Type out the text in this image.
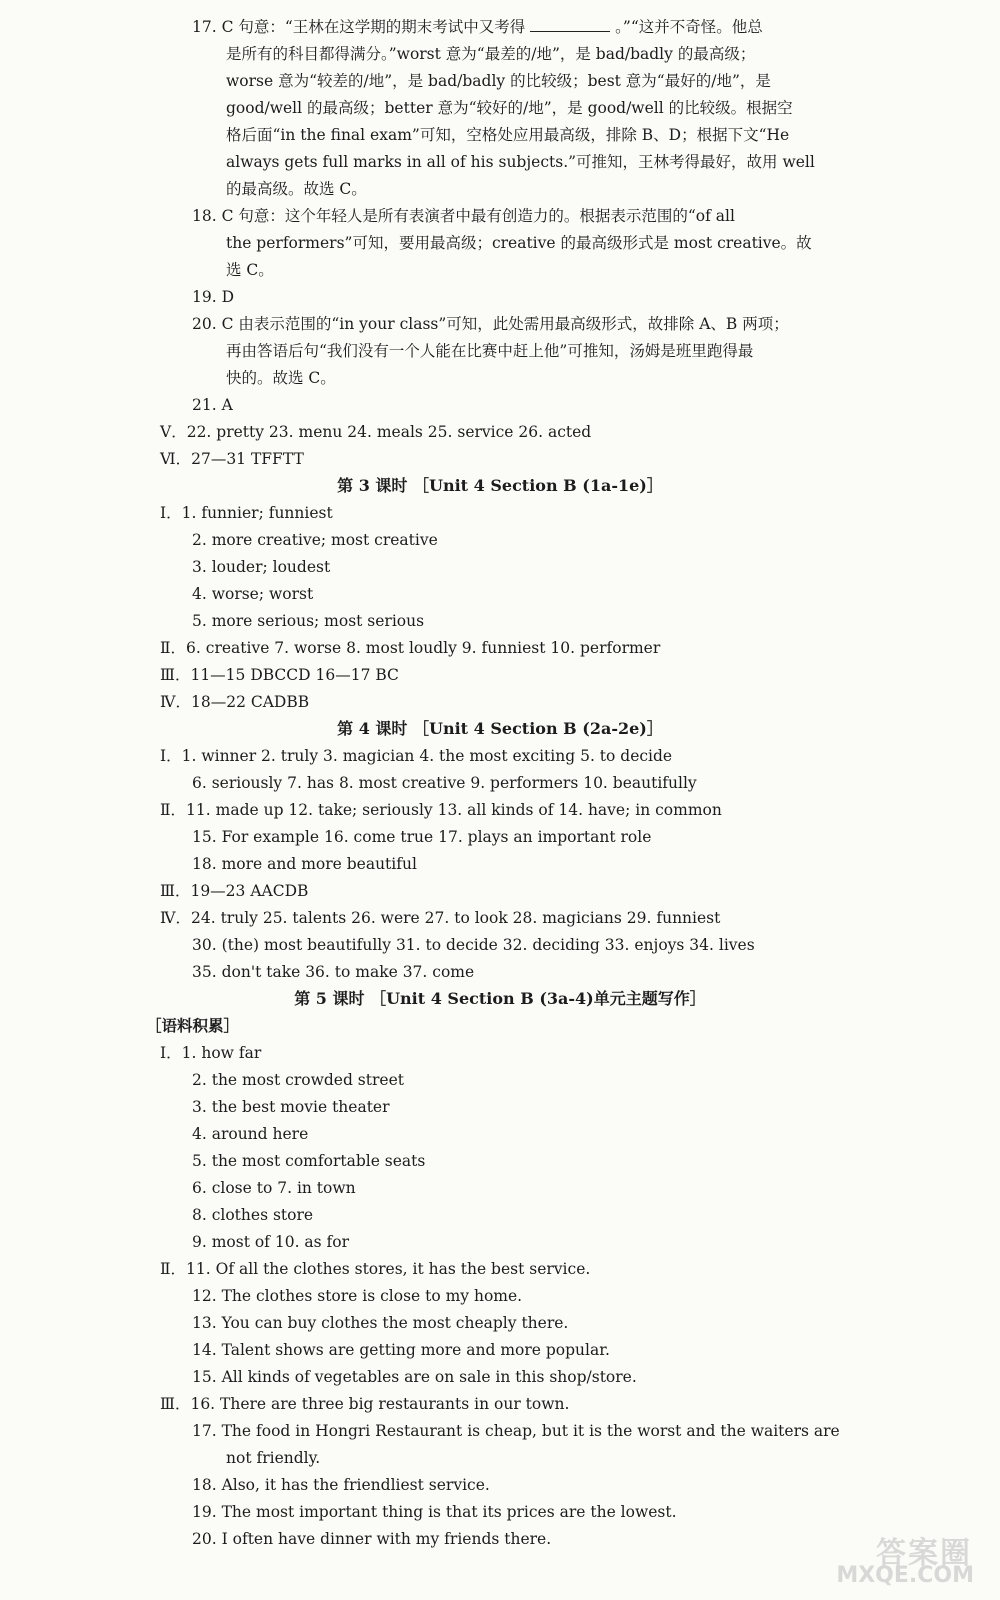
17. C 句意：“王林在这学期的期末考试中又考得	。”“这并不奇怪。他总
是所有的科目都得满分。”worst 意为“最差的/地”，是 bad/badly 的最高级；
worse 意为“较差的/地”，是 bad/badly 的比较级；best 意为“最好的/地”，是
good/well 的最高级；better 意为“较好的/地”，是 good/well 的比较级。根据空
格后面“in the final exam”可知，空格处应用最高级，排除 B、D；根据下文“He
always gets full marks in all of his subjects.”可推知，王林考得最好，故用 well
的最高级。故选 C。
18. C 句意：这个年轻人是所有表演者中最有创造力的。根据表示范围的“of all
the performers”可知，要用最高级；creative 的最高级形式是 most creative。故
选 C。
19. D
20. C 由表示范围的“in your class”可知，此处需用最高级形式，故排除 A、B 两项；
再由答语后句“我们没有一个人能在比赛中赶上他”可推知，汤姆是班里跑得最
快的。故选 C。
21. A
Ⅴ．22. pretty 23. menu 24. meals 25. service 26. acted
Ⅵ．27—31 TFFTT
第 3 课时 ［Unit 4 Section B (1a-1e)］
Ⅰ．1. funnier; funniest
2. more creative; most creative
3. louder; loudest
4. worse; worst
5. more serious; most serious
Ⅱ．6. creative 7. worse 8. most loudly 9. funniest 10. performer
Ⅲ．11—15 DBCCD 16—17 BC
Ⅳ．18—22 CADBB
第 4 课时 ［Unit 4 Section B (2a-2e)］
Ⅰ．1. winner 2. truly 3. magician 4. the most exciting 5. to decide
6. seriously 7. has 8. most creative 9. performers 10. beautifully
Ⅱ．11. made up 12. take; seriously 13. all kinds of 14. have; in common
15. For example 16. come true 17. plays an important role
18. more and more beautiful
Ⅲ．19—23 AACDB
Ⅳ．24. truly 25. talents 26. were 27. to look 28. magicians 29. funniest
30. (the) most beautifully 31. to decide 32. deciding 33. enjoys 34. lives
35. don't take 36. to make 37. come
第 5 课时 ［Unit 4 Section B (3a-4)单元主题写作］
［语料积累］
Ⅰ．1. how far
2. the most crowded street
3. the best movie theater
4. around here
5. the most comfortable seats
6. close to 7. in town
8. clothes store
9. most of 10. as for
Ⅱ．11. Of all the clothes stores, it has the best service.
12. The clothes store is close to my home.
13. You can buy clothes the most cheaply there.
14. Talent shows are getting more and more popular.
15. All kinds of vegetables are on sale in this shop/store.
Ⅲ．16. There are three big restaurants in our town.
17. The food in Hongri Restaurant is cheap, but it is the worst and the waiters are
not friendly.
18. Also, it has the friendliest service.
19. The most important thing is that its prices are the lowest.
20. I often have dinner with my friends there.	答案圈
MXQE.COM
